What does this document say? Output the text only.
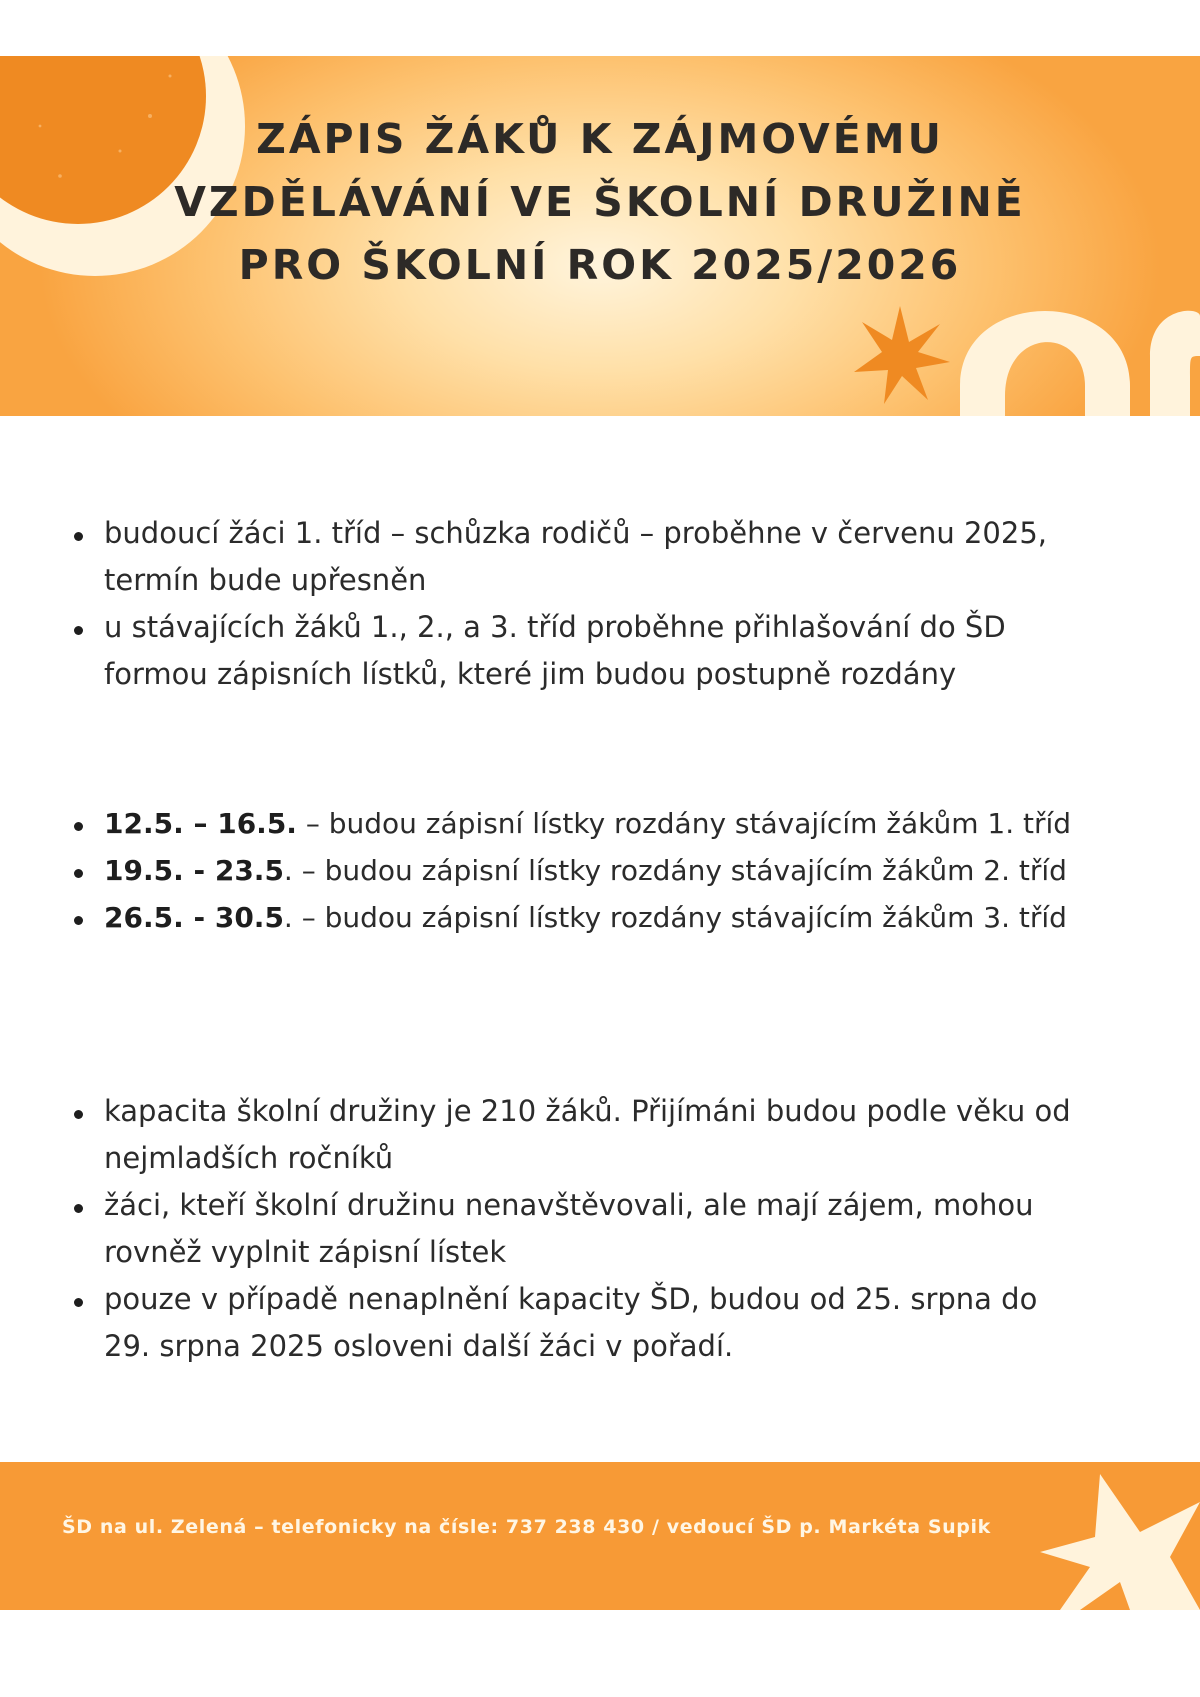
ZÁPIS ŽÁKŮ K ZÁJMOVÉMU
VZDĚLÁVÁNÍ VE ŠKOLNÍ DRUŽINĚ
PRO ŠKOLNÍ ROK 2025/2026
budoucí žáci 1. tříd – schůzka rodičů – proběhne v červenu 2025,
termín bude upřesněn
u stávajících žáků 1., 2., a 3. tříd proběhne přihlašování do ŠD
formou zápisních lístků, které jim budou postupně rozdány
12.5. – 16.5. – budou zápisní lístky rozdány stávajícím žákům 1. tříd
19.5. - 23.5. – budou zápisní lístky rozdány stávajícím žákům 2. tříd
26.5. - 30.5. – budou zápisní lístky rozdány stávajícím žákům 3. tříd
kapacita školní družiny je 210 žáků. Přijímáni budou podle věku od
nejmladších ročníků
žáci, kteří školní družinu nenavštěvovali, ale mají zájem, mohou
rovněž vyplnit zápisní lístek
pouze v případě nenaplnění kapacity ŠD, budou od 25. srpna do
29. srpna 2025 osloveni další žáci v pořadí.

ŠD na ul. Zelená – telefonicky na čísle: 737 238 430 / vedoucí ŠD p. Markéta Supik
